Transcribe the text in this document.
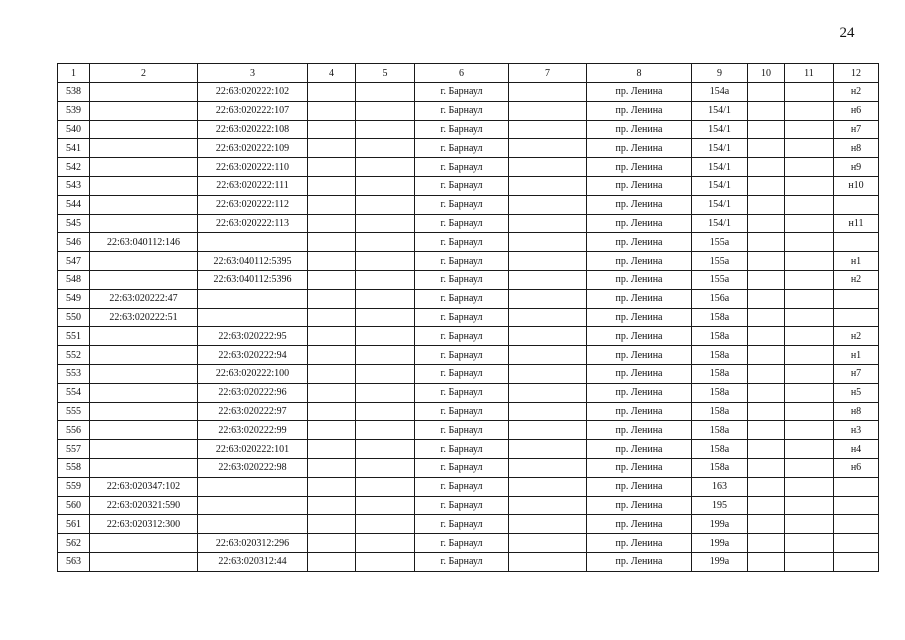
24
1	2	3	4	5	6	7	8	9	10	11	12
538		22:63:020222:102			г. Барнаул		пр. Ленина	154а			н2
539		22:63:020222:107			г. Барнаул		пр. Ленина	154/1			н6
540		22:63:020222:108			г. Барнаул		пр. Ленина	154/1			н7
541		22:63:020222:109			г. Барнаул		пр. Ленина	154/1			н8
542		22:63:020222:110			г. Барнаул		пр. Ленина	154/1			н9
543		22:63:020222:111			г. Барнаул		пр. Ленина	154/1			н10
544		22:63:020222:112			г. Барнаул		пр. Ленина	154/1			
545		22:63:020222:113			г. Барнаул		пр. Ленина	154/1			н11
546	22:63:040112:146				г. Барнаул		пр. Ленина	155а			
547		22:63:040112:5395			г. Барнаул		пр. Ленина	155а			н1
548		22:63:040112:5396			г. Барнаул		пр. Ленина	155а			н2
549	22:63:020222:47				г. Барнаул		пр. Ленина	156а			
550	22:63:020222:51				г. Барнаул		пр. Ленина	158а			
551		22:63:020222:95			г. Барнаул		пр. Ленина	158а			н2
552		22:63:020222:94			г. Барнаул		пр. Ленина	158а			н1
553		22:63:020222:100			г. Барнаул		пр. Ленина	158а			н7
554		22:63:020222:96			г. Барнаул		пр. Ленина	158а			н5
555		22:63:020222:97			г. Барнаул		пр. Ленина	158а			н8
556		22:63:020222:99			г. Барнаул		пр. Ленина	158а			н3
557		22:63:020222:101			г. Барнаул		пр. Ленина	158а			н4
558		22:63:020222:98			г. Барнаул		пр. Ленина	158а			н6
559	22:63:020347:102				г. Барнаул		пр. Ленина	163			
560	22:63:020321:590				г. Барнаул		пр. Ленина	195			
561	22:63:020312:300				г. Барнаул		пр. Ленина	199а			
562		22:63:020312:296			г. Барнаул		пр. Ленина	199а			
563		22:63:020312:44			г. Барнаул		пр. Ленина	199а			
